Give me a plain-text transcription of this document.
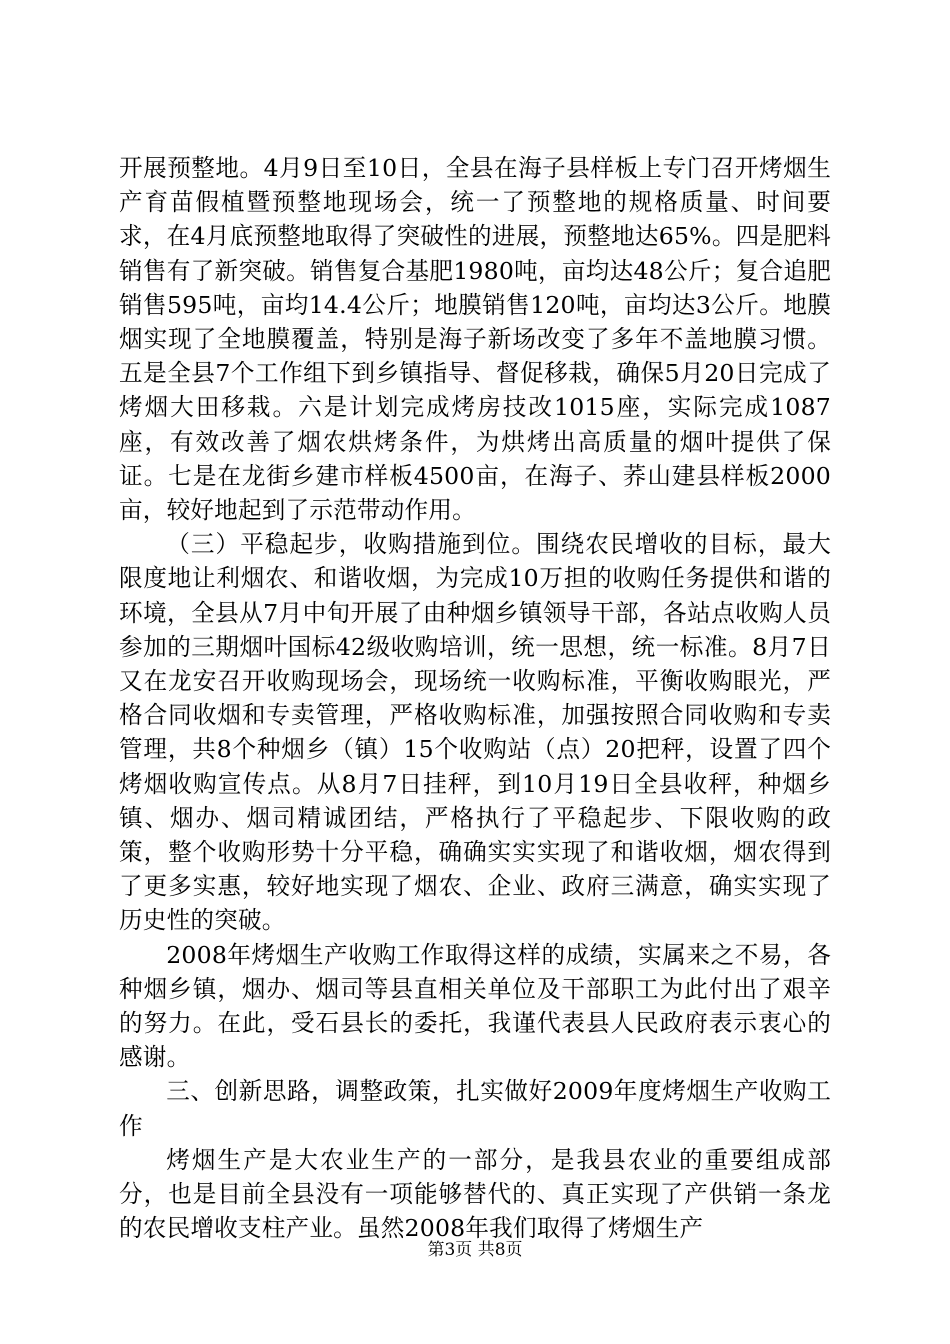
开展预整地。4月9日至10日，全县在海子县样板上专门召开烤烟生产育苗假植暨预整地现场会，统一了预整地的规格质量、时间要求，在4月底预整地取得了突破性的进展，预整地达65%。四是肥料销售有了新突破。销售复合基肥1980吨，亩均达48公斤；复合追肥销售595吨，亩均14.4公斤；地膜销售120吨，亩均达3公斤。地膜烟实现了全地膜覆盖，特别是海子新场改变了多年不盖地膜习惯。五是全县7个工作组下到乡镇指导、督促移栽，确保5月20日完成了烤烟大田移栽。六是计划完成烤房技改1015座，实际完成1087座，有效改善了烟农烘烤条件，为烘烤出高质量的烟叶提供了保证。七是在龙街乡建市样板4500亩，在海子、荞山建县样板2000亩，较好地起到了示范带动作用。

（三）平稳起步，收购措施到位。围绕农民增收的目标，最大限度地让利烟农、和谐收烟，为完成10万担的收购任务提供和谐的环境，全县从7月中旬开展了由种烟乡镇领导干部，各站点收购人员参加的三期烟叶国标42级收购培训，统一思想，统一标准。8月7日又在龙安召开收购现场会，现场统一收购标准，平衡收购眼光，严格合同收烟和专卖管理，严格收购标准，加强按照合同收购和专卖管理，共8个种烟乡（镇）15个收购站（点）20把秤，设置了四个烤烟收购宣传点。从8月7日挂秤，到10月19日全县收秤，种烟乡镇、烟办、烟司精诚团结，严格执行了平稳起步、下限收购的政策，整个收购形势十分平稳，确确实实实现了和谐收烟，烟农得到了更多实惠，较好地实现了烟农、企业、政府三满意，确实实现了历史性的突破。

2008年烤烟生产收购工作取得这样的成绩，实属来之不易，各种烟乡镇，烟办、烟司等县直相关单位及干部职工为此付出了艰辛的努力。在此，受石县长的委托，我谨代表县人民政府表示衷心的感谢。

三、创新思路，调整政策，扎实做好2009年度烤烟生产收购工作

烤烟生产是大农业生产的一部分，是我县农业的重要组成部分，也是目前全县没有一项能够替代的、真正实现了产供销一条龙的农民增收支柱产业。虽然2008年我们取得了烤烟生产

第3页 共8页
